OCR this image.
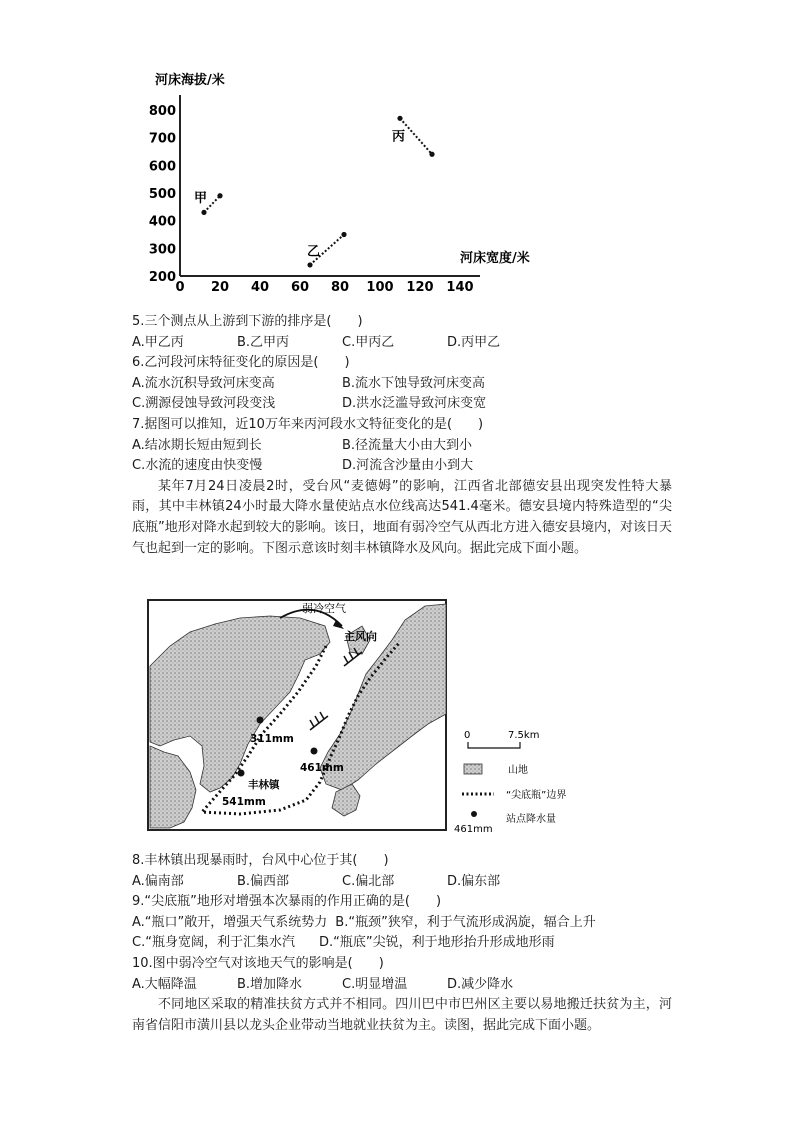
河床海拔/米
河床宽度/米
0 20 40 60 80 100 120 140
200
300
400
500
600
700
800
甲
乙
丙
5.三个测点从上游到下游的排序是(　　)
A.甲乙丙	B.乙甲丙	C.甲丙乙	D.丙甲乙
6.乙河段河床特征变化的原因是(　　)
A.流水沉积导致河床变高	B.流水下蚀导致河床变高
C.溯源侵蚀导致河段变浅	D.洪水泛滥导致河床变宽
7.据图可以推知，近10万年来丙河段水文特征变化的是(　　)
A.结冰期长短由短到长	B.径流量大小由大到小
C.水流的速度由快变慢	D.河流含沙量由小到大
某年7月24日凌晨2时，受台风“麦德姆”的影响，江西省北部德安县出现突发性特大暴雨，其中丰林镇24小时最大降水量使站点水位线高达541.4毫米。德安县境内特殊造型的“尖底瓶”地形对降水起到较大的影响。该日，地面有弱冷空气从西北方进入德安县境内，对该日天气也起到一定的影响。下图示意该时刻丰林镇降水及风向。据此完成下面小题。
弱冷空气
主风向
311mm
461mm
丰林镇
541mm
0	7.5km
山地
“尖底瓶”边界
461mm
站点降水量
8.丰林镇出现暴雨时，台风中心位于其(　　)
A.偏南部	B.偏西部	C.偏北部	D.偏东部
9.“尖底瓶”地形对增强本次暴雨的作用正确的是(　　)
A.“瓶口”敞开，增强天气系统势力 B.“瓶颈”狭窄，利于气流形成涡旋，辐合上升
C.“瓶身宽阔，利于汇集水汽 D.“瓶底”尖锐，利于地形抬升形成地形雨
10.图中弱冷空气对该地天气的影响是(　　)
A.大幅降温	B.增加降水	C.明显增温	D.减少降水
不同地区采取的精准扶贫方式并不相同。四川巴中市巴州区主要以易地搬迁扶贫为主，河南省信阳市潢川县以龙头企业带动当地就业扶贫为主。读图，据此完成下面小题。
